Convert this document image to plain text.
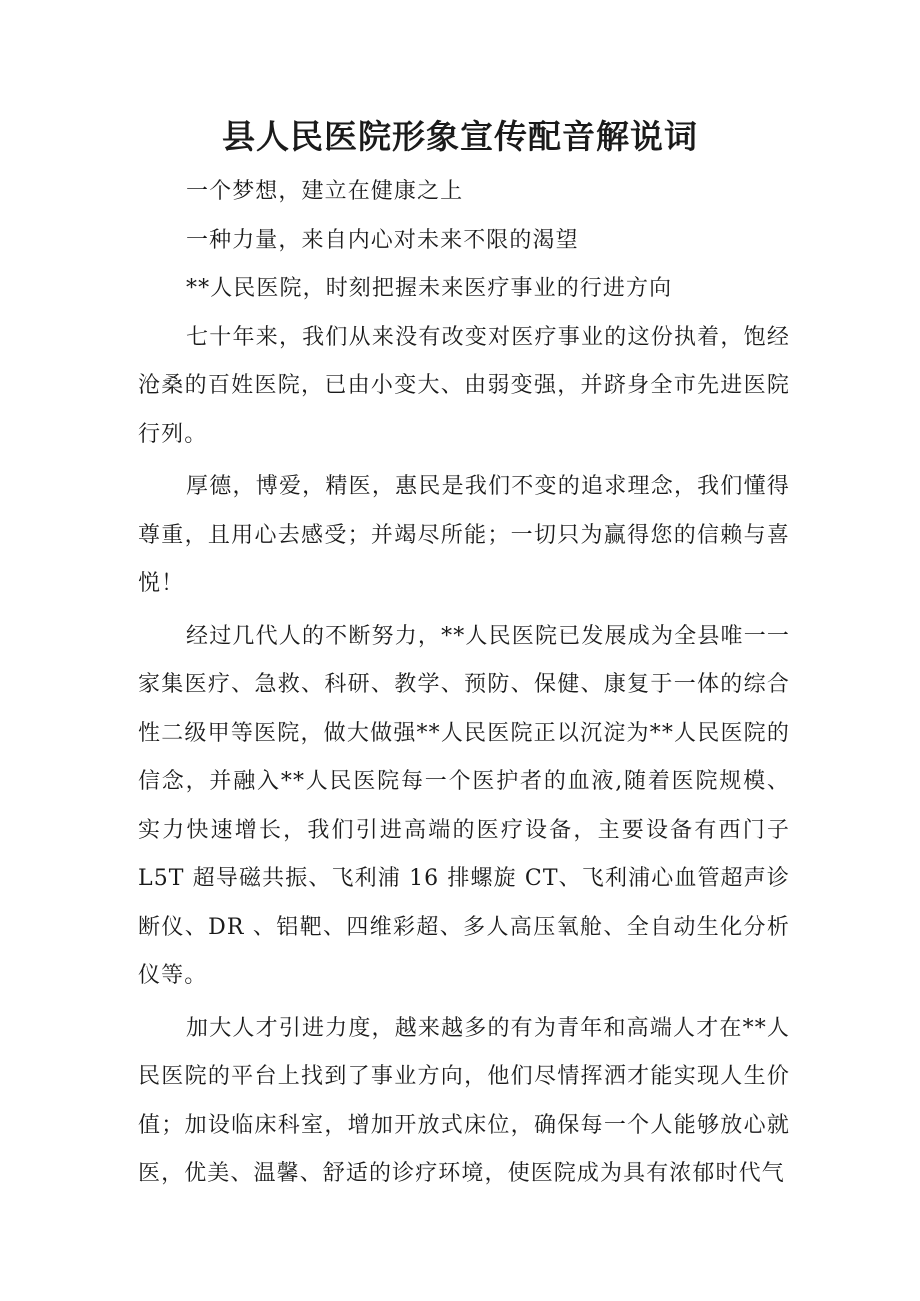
县人民医院形象宣传配音解说词

一个梦想，建立在健康之上

一种力量，来自内心对未来不限的渴望

**人民医院，时刻把握未来医疗事业的行进方向

七十年来，我们从来没有改变对医疗事业的这份执着，饱经沧桑的百姓医院，已由小变大、由弱变强，并跻身全市先进医院行列。

厚德，博爱，精医，惠民是我们不变的追求理念，我们懂得尊重，且用心去感受；并竭尽所能；一切只为赢得您的信赖与喜悦！

经过几代人的不断努力，**人民医院已发展成为全县唯一一家集医疗、急救、科研、教学、预防、保健、康复于一体的综合性二级甲等医院，做大做强**人民医院正以沉淀为**人民医院的信念，并融入**人民医院每一个医护者的血液,随着医院规模、实力快速增长，我们引进高端的医疗设备，主要设备有西门子 L5T 超导磁共振、飞利浦 16 排螺旋 CT、飞利浦心血管超声诊断仪、DR 、铝靶、四维彩超、多人高压氧舱、全自动生化分析仪等。

加大人才引进力度，越来越多的有为青年和高端人才在**人民医院的平台上找到了事业方向，他们尽情挥洒才能实现人生价值；加设临床科室，增加开放式床位，确保每一个人能够放心就医，优美、温馨、舒适的诊疗环境，使医院成为具有浓郁时代气
